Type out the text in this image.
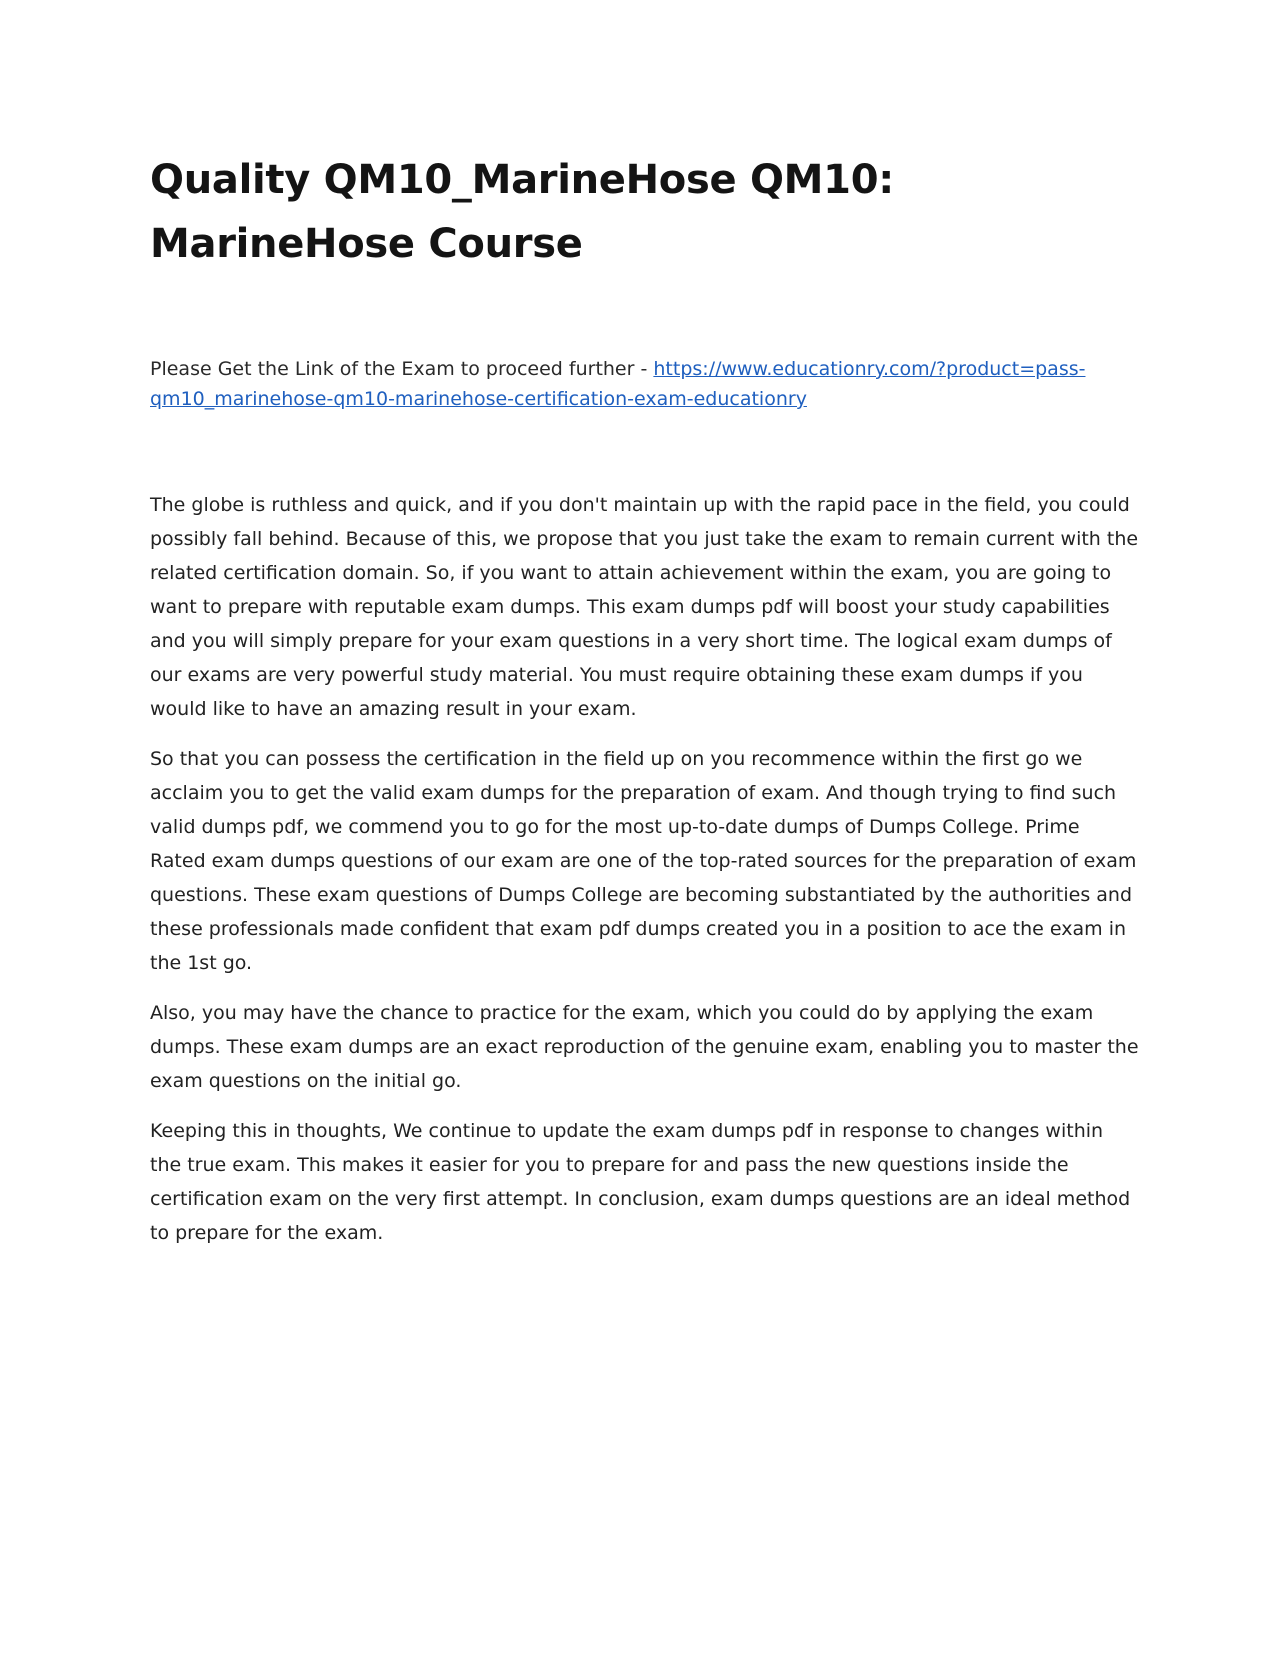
Quality QM10_MarineHose QM10: MarineHose Course

Please Get the Link of the Exam to proceed further - https://www.educationry.com/?product=pass-qm10_marinehose-qm10-marinehose-certification-exam-educationry

The globe is ruthless and quick, and if you don't maintain up with the rapid pace in the field, you could possibly fall behind. Because of this, we propose that you just take the exam to remain current with the related certification domain. So, if you want to attain achievement within the exam, you are going to want to prepare with reputable exam dumps. This exam dumps pdf will boost your study capabilities and you will simply prepare for your exam questions in a very short time. The logical exam dumps of our exams are very powerful study material. You must require obtaining these exam dumps if you would like to have an amazing result in your exam.

So that you can possess the certification in the field up on you recommence within the first go we acclaim you to get the valid exam dumps for the preparation of exam. And though trying to find such valid dumps pdf, we commend you to go for the most up-to-date dumps of Dumps College. Prime Rated exam dumps questions of our exam are one of the top-rated sources for the preparation of exam questions. These exam questions of Dumps College are becoming substantiated by the authorities and these professionals made confident that exam pdf dumps created you in a position to ace the exam in the 1st go.

Also, you may have the chance to practice for the exam, which you could do by applying the exam dumps. These exam dumps are an exact reproduction of the genuine exam, enabling you to master the exam questions on the initial go.

Keeping this in thoughts, We continue to update the exam dumps pdf in response to changes within the true exam. This makes it easier for you to prepare for and pass the new questions inside the certification exam on the very first attempt. In conclusion, exam dumps questions are an ideal method to prepare for the exam.
